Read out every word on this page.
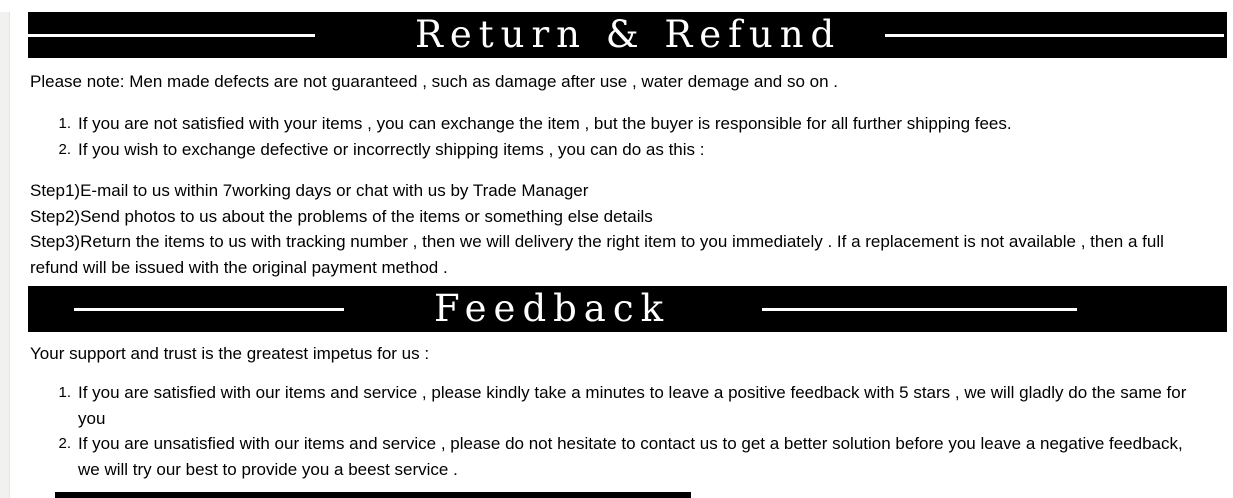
Return & Refund

Please note: Men made defects are not guaranteed , such as damage after use , water demage and so on .

1. If you are not satisfied with your items , you can exchange the item , but the buyer is responsible for all further shipping fees.
2. If you wish to exchange defective or incorrectly shipping items , you can do as this :

Step1)E-mail to us within 7working days or chat with us by Trade Manager

Step2)Send photos to us about the problems of the items or something else details

Step3)Return the items to us with tracking number , then we will delivery the right item to you immediately . If a replacement is not available , then a full refund will be issued with the original payment method .

Feedback

Your support and trust is the greatest impetus for us :

1. If you are satisfied with our items and service , please kindly take a minutes to leave a positive feedback with 5 stars , we will gladly do the same for you
2. If you are unsatisfied with our items and service , please do not hesitate to contact us to get a better solution before you leave a negative feedback, we will try our best to provide you a beest service .
